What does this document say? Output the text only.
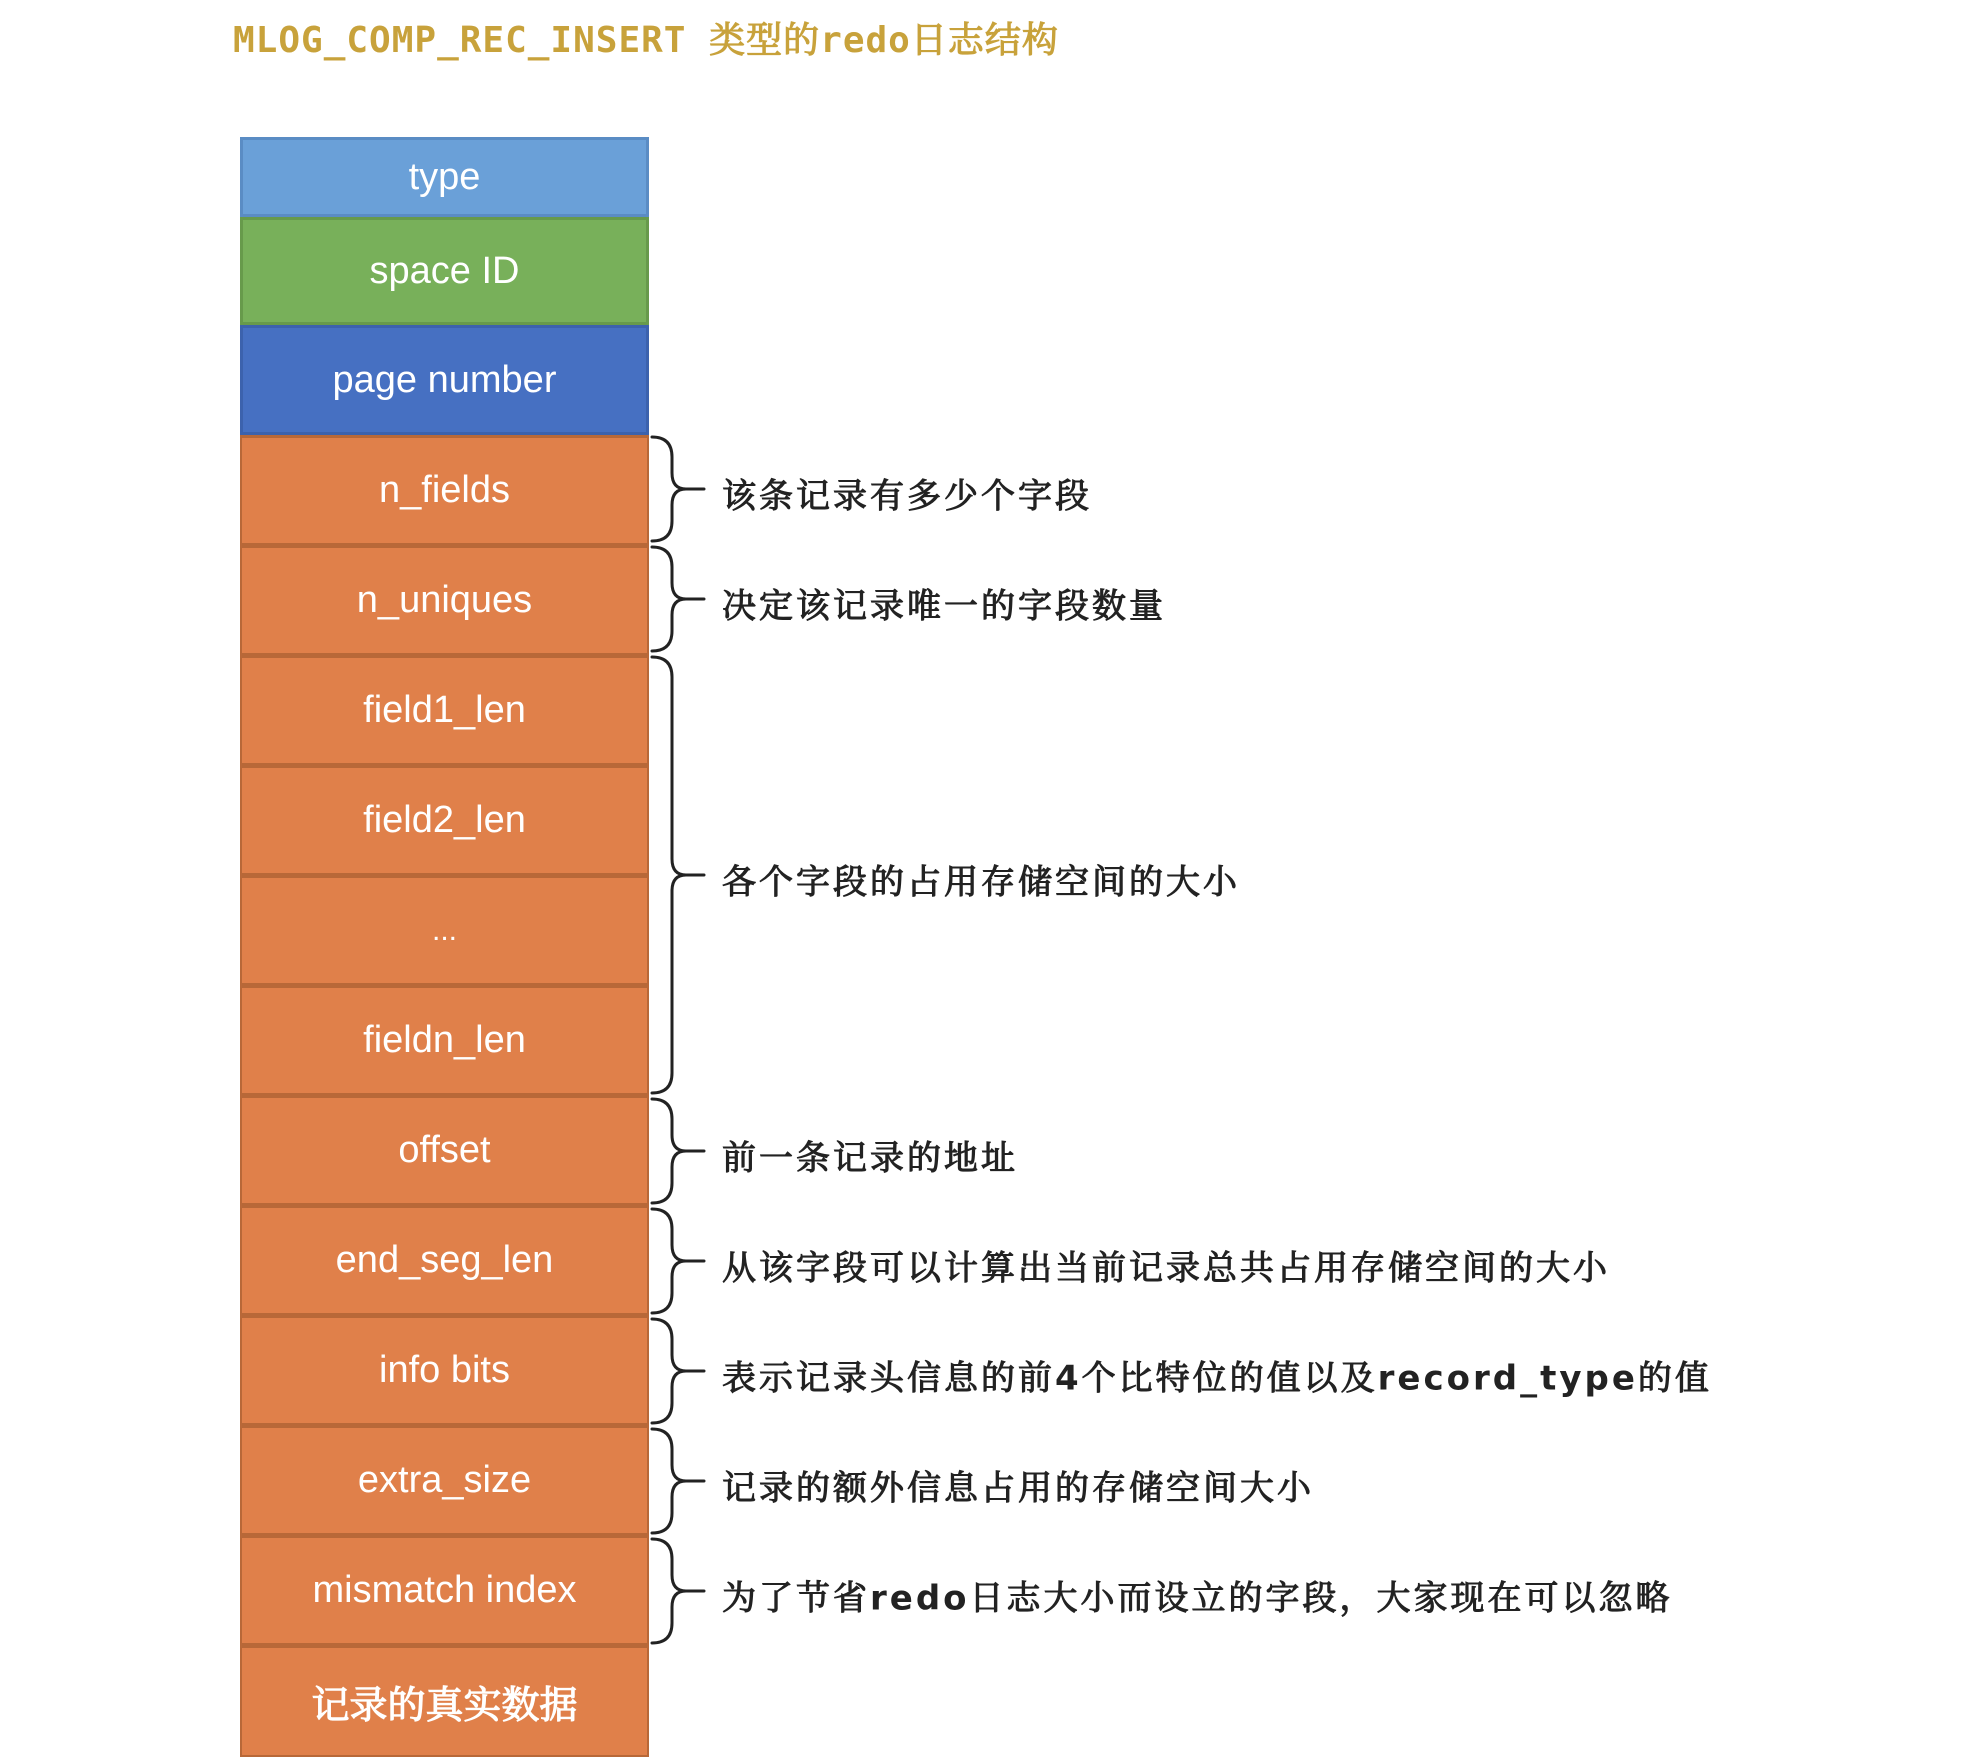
MLOG_COMP_REC_INSERT 类型的redo日志结构
type
space ID
page number
n_fields
n_uniques
field1_len
field2_len
...
fieldn_len
offset
end_seg_len
info bits
extra_size
mismatch index
记录的真实数据
该条记录有多少个字段
决定该记录唯一的字段数量
各个字段的占用存储空间的大小
前一条记录的地址
从该字段可以计算出当前记录总共占用存储空间的大小
表示记录头信息的前4个比特位的值以及record_type的值
记录的额外信息占用的存储空间大小
为了节省redo日志大小而设立的字段，大家现在可以忽略
